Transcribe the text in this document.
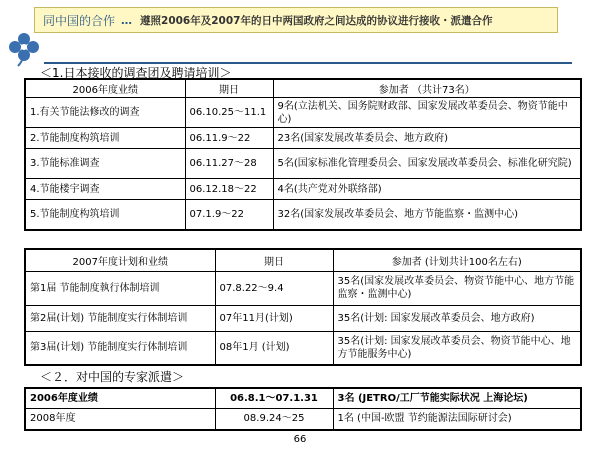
同中国的合作 … 遵照2006年及2007年的日中两国政府之间达成的协议进行接收・派遣合作
＜1.日本接收的调查团及聘请培训＞
2006年度业绩	期日	参加者 （共计73名）
1.有关节能法修改的调查	06.10.25～11.1	9名(立法机关、国务院财政部、国家发展改革委员会、物资节能中心)
2.节能制度构筑培训	06.11.9～22	23名(国家发展改革委员会、地方政府)
3.节能标准调查	06.11.27～28	5名(国家标准化管理委员会、国家发展改革委员会、标准化研究院)
4.节能楼宇调查	06.12.18～22	4名(共产党对外联络部)
5.节能制度构筑培训	07.1.9～22	32名(国家发展改革委员会、地方节能监察・监测中心)
2007年度计划和业绩	期日	参加者 (计划共计100名左右)
第1届 节能制度執行体制培训	07.8.22～9.4	35名(国家发展改革委员会、物资节能中心、地方节能监察・监测中心)
第2届(计划) 节能制度实行体制培训	07年11月(计划)	35名(计划: 国家发展改革委员会、地方政府)
第3届(计划) 节能制度实行体制培训	08年1月 (计划)	35名(计划: 国家发展改革委员会、物资节能中心、地方节能服务中心)
＜２．对中国的专家派遣＞
2006年度业绩	06.8.1～07.1.31	3名 (JETRO/工厂节能实际状况 上海论坛)
2008年度	08.9.24～25	1名 (中国-欧盟 节约能源法国际研讨会)
66
